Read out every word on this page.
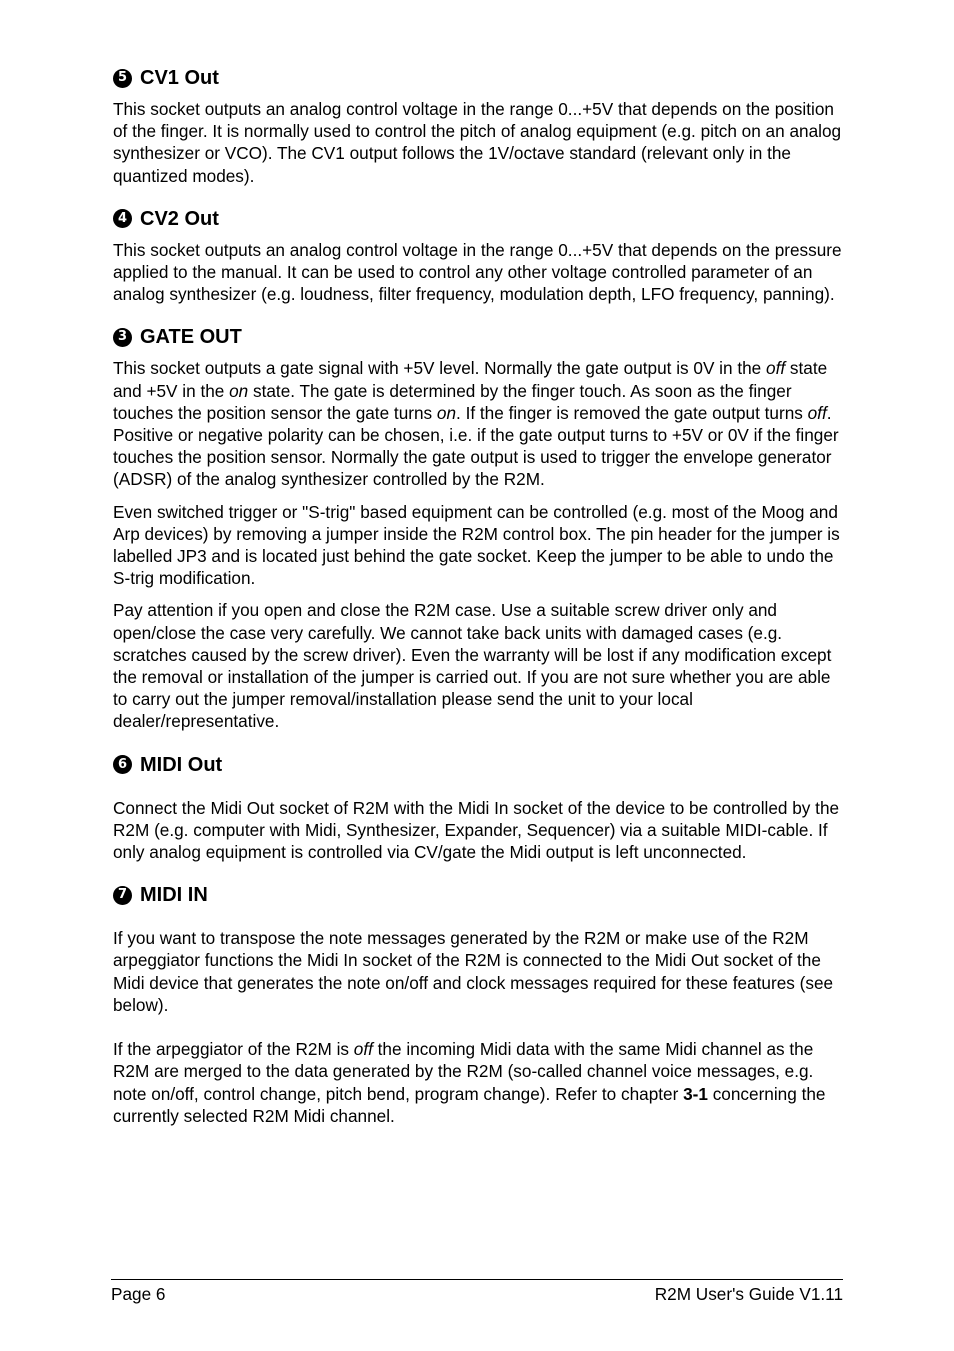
5 CV1 Out

This socket outputs an analog control voltage in the range 0...+5V that depends on the position of the finger. It is normally used to control the pitch of analog equipment (e.g. pitch on an analog synthesizer or VCO). The CV1 output follows the 1V/octave standard (relevant only in the quantized modes).

4 CV2 Out

This socket outputs an analog control voltage in the range 0...+5V that depends on the pressure applied to the manual. It can be used to control any other voltage controlled parameter of an analog synthesizer (e.g. loudness, filter frequency, modulation depth, LFO frequency, panning).

3 GATE OUT

This socket outputs a gate signal with +5V level. Normally the gate output is 0V in the off state and +5V in the on state. The gate is determined by the finger touch. As soon as the finger touches the position sensor the gate turns on. If the finger is removed the gate output turns off. Positive or negative polarity can be chosen, i.e. if the gate output turns to +5V or 0V if the finger touches the position sensor. Normally the gate output is used to trigger the envelope generator (ADSR) of the analog synthesizer controlled by the R2M.

Even switched trigger or "S-trig" based equipment can be controlled (e.g. most of the Moog and Arp devices) by removing a jumper inside the R2M control box. The pin header for the jumper is labelled JP3 and is located just behind the gate socket. Keep the jumper to be able to undo the S-trig modification.

Pay attention if you open and close the R2M case. Use a suitable screw driver only and open/close the case very carefully. We cannot take back units with damaged cases (e.g. scratches caused by the screw driver). Even the warranty will be lost if any modification except the removal or installation of the jumper is carried out. If you are not sure whether you are able to carry out the jumper removal/installation please send the unit to your local dealer/representative.

6 MIDI Out

Connect the Midi Out socket of R2M with the Midi In socket of the device to be controlled by the R2M (e.g. computer with Midi, Synthesizer, Expander, Sequencer) via a suitable MIDI-cable. If only analog equipment is controlled via CV/gate the Midi output is left unconnected.

7 MIDI IN

If you want to transpose the note messages generated by the R2M or make use of the R2M arpeggiator functions the Midi In socket of the R2M is connected to the Midi Out socket of the Midi device that generates the note on/off and clock messages required for these features (see below).

If the arpeggiator of the R2M is off the incoming Midi data with the same Midi channel as the R2M are merged to the data generated by the R2M (so-called channel voice messages, e.g. note on/off, control change, pitch bend, program change). Refer to chapter 3-1 concerning the currently selected R2M Midi channel.

Page 6	R2M User's Guide V1.11
